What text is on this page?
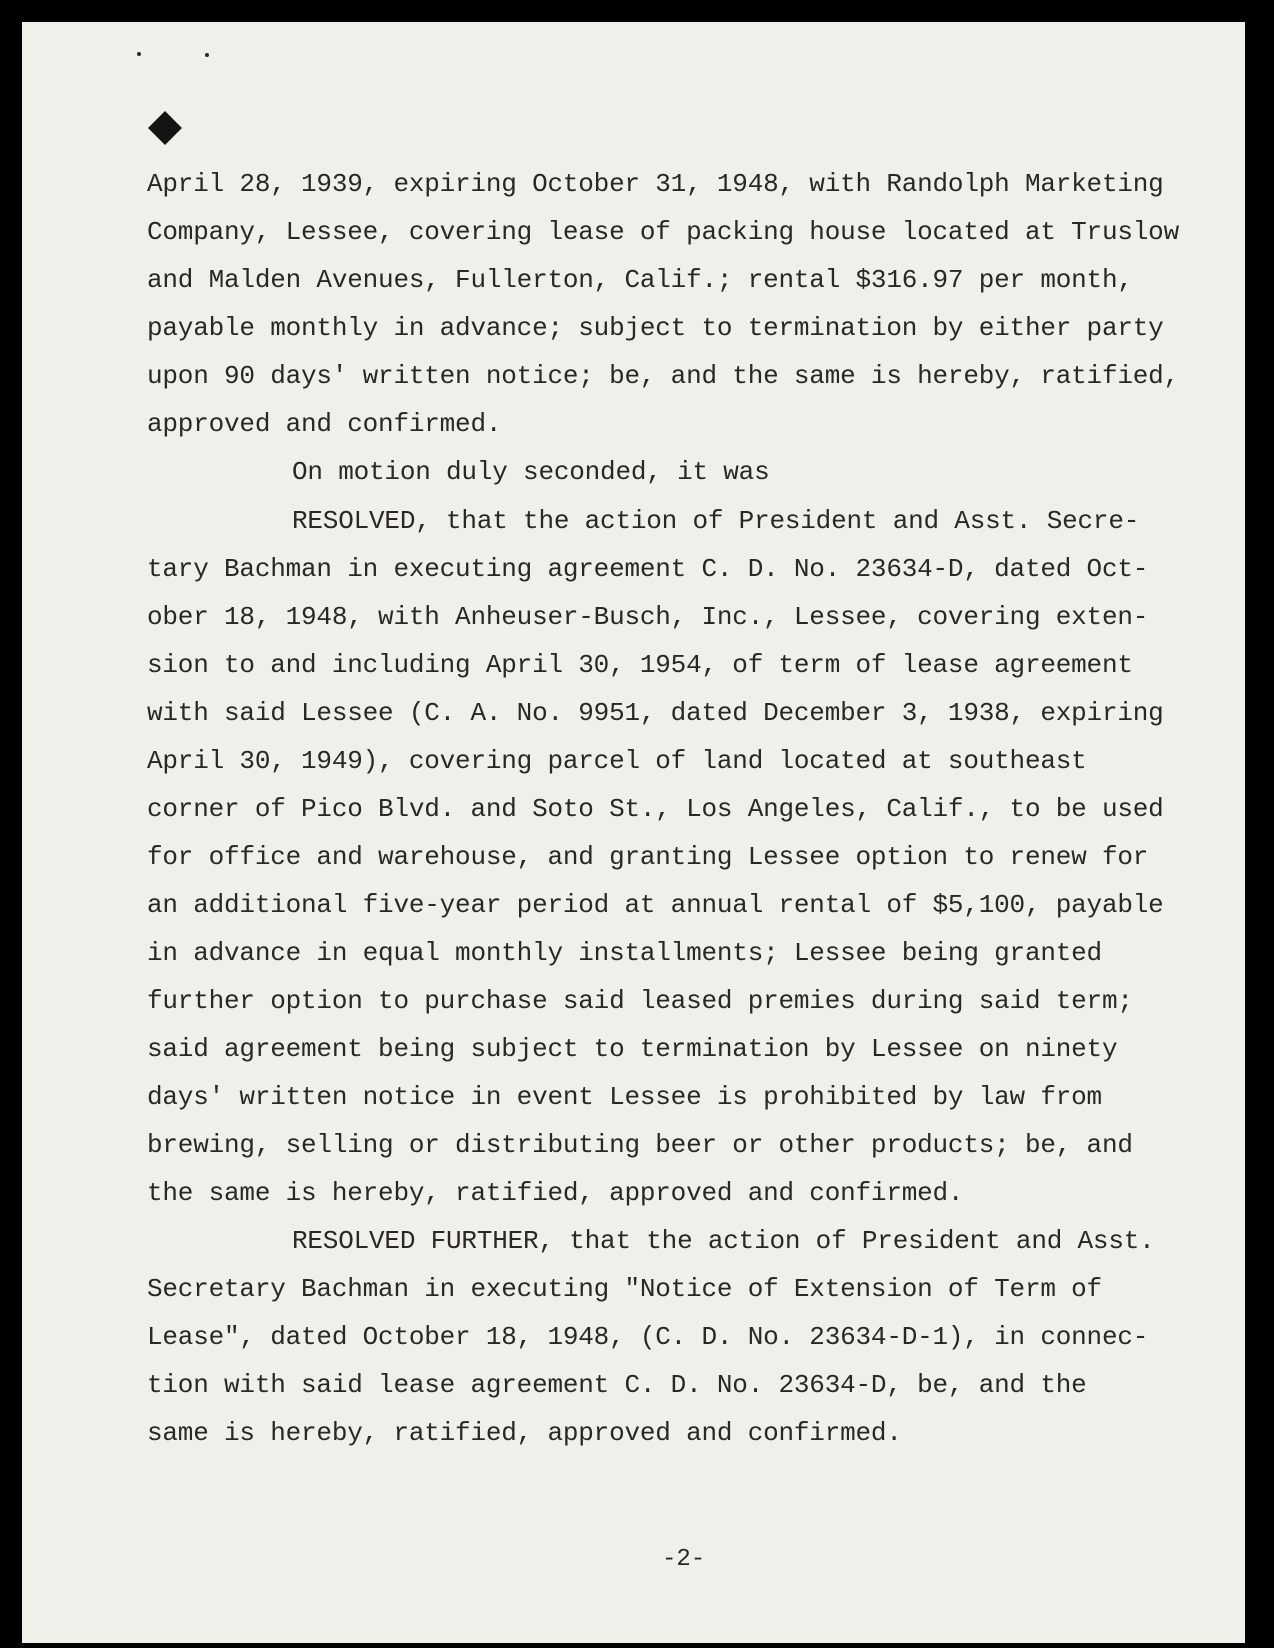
April 28, 1939, expiring October 31, 1948, with Randolph Marketing
Company, Lessee, covering lease of packing house located at Truslow
and Malden Avenues, Fullerton, Calif.; rental $316.97 per month,
payable monthly in advance; subject to termination by either party
upon 90 days' written notice; be, and the same is hereby, ratified,
approved and confirmed.
On motion duly seconded, it was
RESOLVED, that the action of President and Asst. Secre-
tary Bachman in executing agreement C. D. No. 23634-D, dated Oct-
ober 18, 1948, with Anheuser-Busch, Inc., Lessee, covering exten-
sion to and including April 30, 1954, of term of lease agreement
with said Lessee (C. A. No. 9951, dated December 3, 1938, expiring
April 30, 1949), covering parcel of land located at southeast
corner of Pico Blvd. and Soto St., Los Angeles, Calif., to be used
for office and warehouse, and granting Lessee option to renew for
an additional five-year period at annual rental of $5,100, payable
in advance in equal monthly installments; Lessee being granted
further option to purchase said leased premies during said term;
said agreement being subject to termination by Lessee on ninety
days' written notice in event Lessee is prohibited by law from
brewing, selling or distributing beer or other products; be, and
the same is hereby, ratified, approved and confirmed.
RESOLVED FURTHER, that the action of President and Asst.
Secretary Bachman in executing "Notice of Extension of Term of
Lease", dated October 18, 1948, (C. D. No. 23634-D-1), in connec-
tion with said lease agreement C. D. No. 23634-D, be, and the
same is hereby, ratified, approved and confirmed.
-2-
